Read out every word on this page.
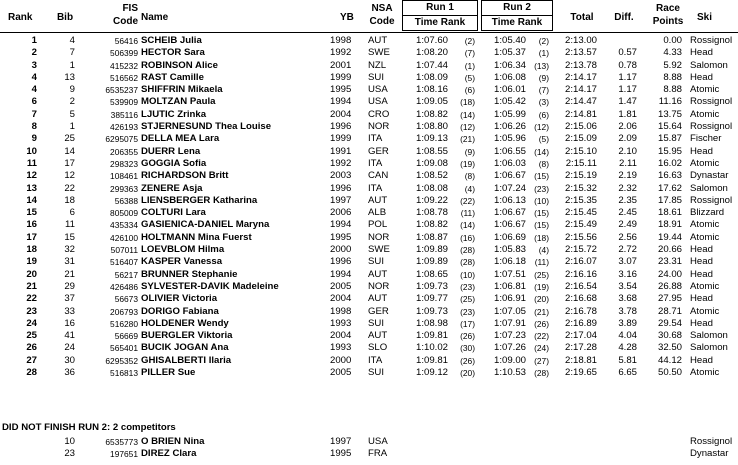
Rank	Bib
FIS
Code Name	YB
NSA
Code
Run 1
Time Rank
Run 2
Time Rank	Total	Diff.
Race
Points	Ski
1	4	56416 SCHEIB Julia	1998 AUT	1:07.60	(2)	1:05.40	(2)	2:13.00	0.00 Rossignol
2	7	506399 HECTOR Sara	1992 SWE	1:08.20	(7)	1:05.37	(1)	2:13.57	0.57	4.33 Head
3	1	415232 ROBINSON Alice	2001 NZL	1:07.44	(1)	1:06.34 (13)	2:13.78	0.78	5.92 Salomon
4	13	516562 RAST Camille	1999 SUI	1:08.09	(5)	1:06.08	(9)	2:14.17	1.17	8.88 Head
4	9	6535237 SHIFFRIN Mikaela	1995 USA	1:08.16	(6)	1:06.01	(7)	2:14.17	1.17	8.88 Atomic
6	2	539909 MOLTZAN Paula	1994 USA	1:09.05	(18)	1:05.42	(3)	2:14.47	1.47	11.16 Rossignol
7	5	385116 LJUTIC Zrinka	2004 CRO	1:08.82	(14)	1:05.99	(6)	2:14.81	1.81	13.75 Atomic
8	1	426193 STJERNESUND Thea Louise	1996 NOR	1:08.80	(12)	1:06.26 (12)	2:15.06	2.06	15.64 Rossignol
9	25	6295075 DELLA MEA Lara	1999 ITA	1:09.13	(21)	1:05.96	(5)	2:15.09	2.09	15.87 Fischer
10	14	206355 DUERR Lena	1991 GER	1:08.55	(9)	1:06.55 (14)	2:15.10	2.10	15.95 Head
11	17	298323 GOGGIA Sofia	1992 ITA	1:09.08	(19)	1:06.03	(8)	2:15.11	2.11	16.02 Atomic
12	12	108461 RICHARDSON Britt	2003 CAN	1:08.52	(8)	1:06.67 (15)	2:15.19	2.19	16.63 Dynastar
13	22	299363 ZENERE Asja	1996 ITA	1:08.08	(4)	1:07.24 (23)	2:15.32	2.32	17.62 Salomon
14	18	56388 LIENSBERGER Katharina	1997 AUT	1:09.22	(22)	1:06.13 (10)	2:15.35	2.35	17.85 Rossignol
15	6	805009 COLTURI Lara	2006 ALB	1:08.78	(11)	1:06.67 (15)	2:15.45	2.45	18.61 Blizzard
16	11	435334 GASIENICA-DANIEL Maryna	1994 POL	1:08.82	(14)	1:06.67 (15)	2:15.49	2.49	18.91 Atomic
17	15	426100 HOLTMANN Mina Fuerst	1995 NOR	1:08.87	(16)	1:06.69 (18)	2:15.56	2.56	19.44 Atomic
18	32	507011 LOEVBLOM Hilma	2000 SWE	1:09.89	(28)	1:05.83	(4)	2:15.72	2.72	20.66 Head
19	31	516407 KASPER Vanessa	1996 SUI	1:09.89	(28)	1:06.18	(11)	2:16.07	3.07	23.31 Head
20	21	56217 BRUNNER Stephanie	1994 AUT	1:08.65	(10)	1:07.51 (25)	2:16.16	3.16	24.00 Head
21	29	426486 SYLVESTER-DAVIK Madeleine	2005 NOR	1:09.73	(23)	1:06.81 (19)	2:16.54	3.54	26.88 Atomic
22	37	56673 OLIVIER Victoria	2004 AUT	1:09.77	(25)	1:06.91 (20)	2:16.68	3.68	27.95 Head
23	33	206793 DORIGO Fabiana	1998 GER	1:09.73	(23)	1:07.05 (21)	2:16.78	3.78	28.71 Atomic
24	16	516280 HOLDENER Wendy	1993 SUI	1:08.98	(17)	1:07.91 (26)	2:16.89	3.89	29.54 Head
25	41	56669 BUERGLER Viktoria	2004 AUT	1:09.81	(26)	1:07.23 (22)	2:17.04	4.04	30.68 Salomon
26	24	565401 BUCIK JOGAN Ana	1993 SLO	1:10.02	(30)	1:07.26 (24)	2:17.28	4.28	32.50 Salomon
27	30	6295352 GHISALBERTI Ilaria	2000 ITA	1:09.81	(26)	1:09.00 (27)	2:18.81	5.81	44.12 Head
28	36	516813 PILLER Sue	2005 SUI	1:09.12	(20)	1:10.53 (28)	2:19.65	6.65	50.50 Atomic
DID NOT FINISH RUN 2: 2 competitors
10	6535773 O BRIEN Nina	1997 USA	Rossignol
23	197651 DIREZ Clara	1995 FRA	Dynastar
